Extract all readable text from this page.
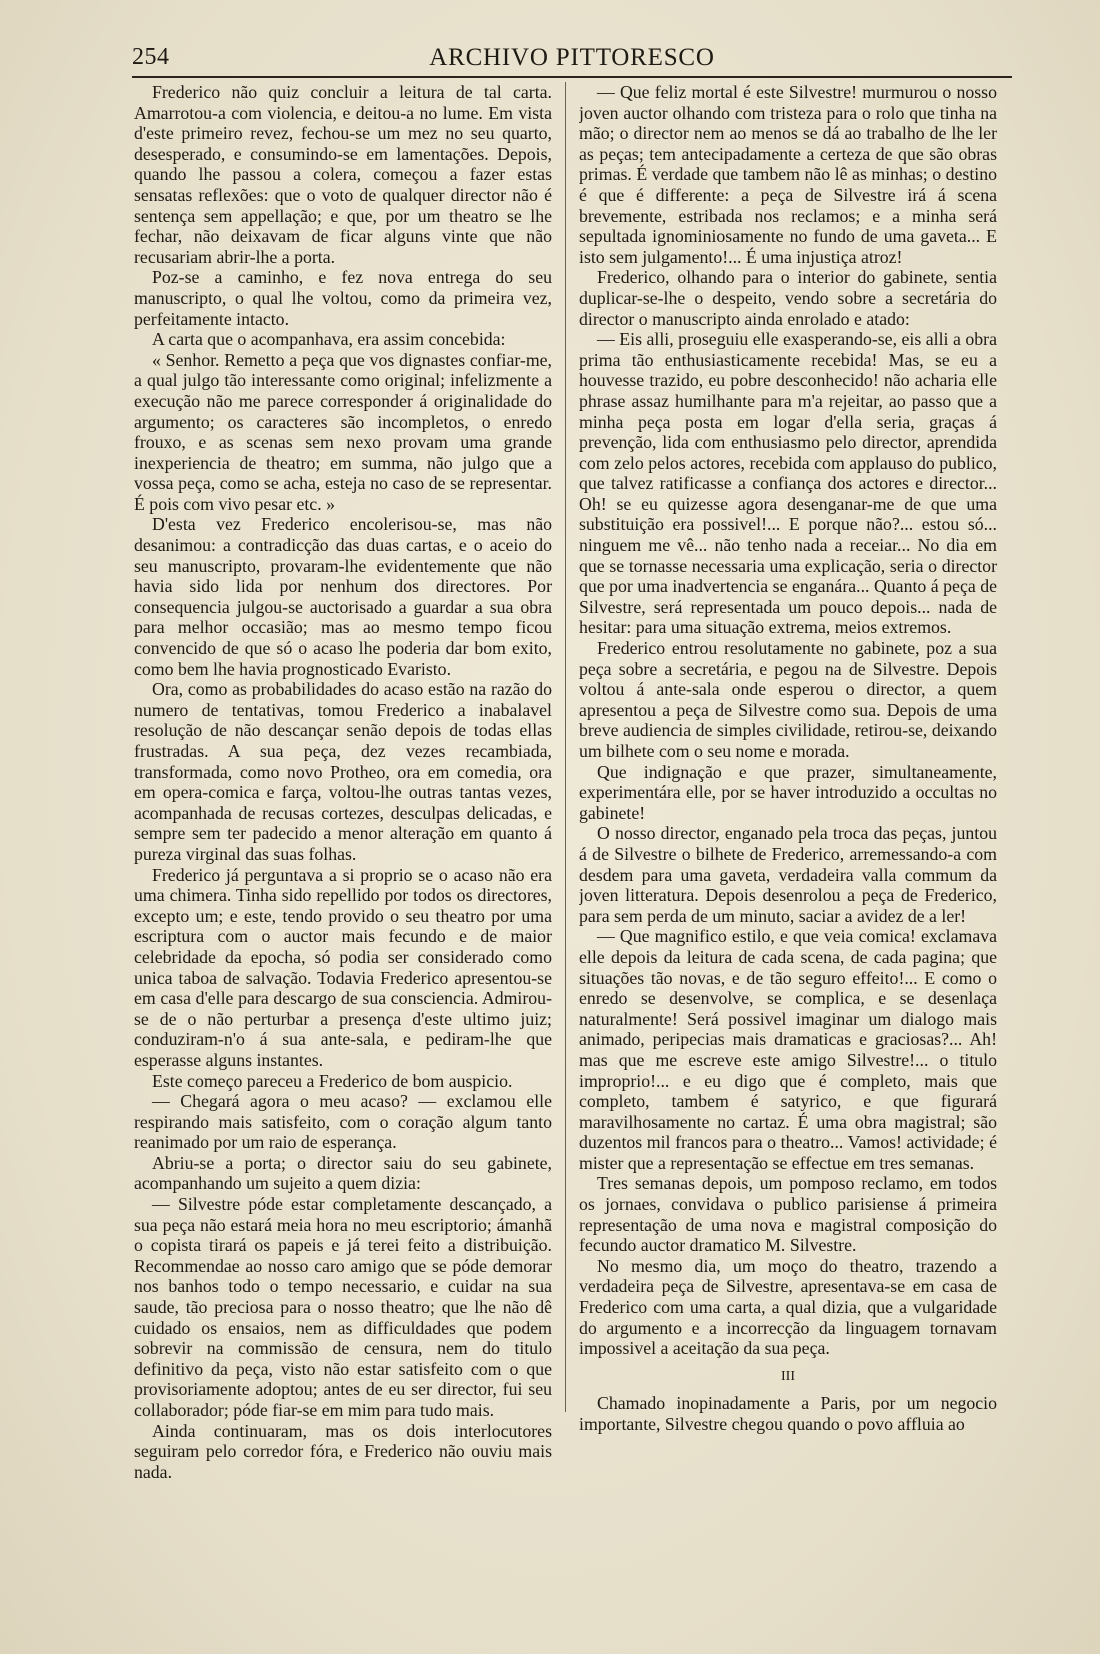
254	ARCHIVO PITTORESCO

Frederico não quiz concluir a leitura de tal carta. Amarrotou-a com violencia, e deitou-a no lume. Em vista d'este primeiro revez, fechou-se um mez no seu quarto, desesperado, e consumindo-se em lamentações. Depois, quando lhe passou a colera, começou a fazer estas sensatas reflexões: que o voto de qualquer director não é sentença sem appellação; e que, por um theatro se lhe fechar, não deixavam de ficar alguns vinte que não recusariam abrir-lhe a porta.

Poz-se a caminho, e fez nova entrega do seu manuscripto, o qual lhe voltou, como da primeira vez, perfeitamente intacto.

A carta que o acompanhava, era assim concebida:

« Senhor. Remetto a peça que vos dignastes confiar-me, a qual julgo tão interessante como original; infelizmente a execução não me parece corresponder á originalidade do argumento; os caracteres são incompletos, o enredo frouxo, e as scenas sem nexo provam uma grande inexperiencia de theatro; em summa, não julgo que a vossa peça, como se acha, esteja no caso de se representar. É pois com vivo pesar etc. »

D'esta vez Frederico encolerisou-se, mas não desanimou: a contradicção das duas cartas, e o aceio do seu manuscripto, provaram-lhe evidentemente que não havia sido lida por nenhum dos directores. Por consequencia julgou-se auctorisado a guardar a sua obra para melhor occasião; mas ao mesmo tempo ficou convencido de que só o acaso lhe poderia dar bom exito, como bem lhe havia prognosticado Evaristo.

Ora, como as probabilidades do acaso estão na razão do numero de tentativas, tomou Frederico a inabalavel resolução de não descançar senão depois de todas ellas frustradas. A sua peça, dez vezes recambiada, transformada, como novo Protheo, ora em comedia, ora em opera-comica e farça, voltou-lhe outras tantas vezes, acompanhada de recusas cortezes, desculpas delicadas, e sempre sem ter padecido a menor alteração em quanto á pureza virginal das suas folhas.

Frederico já perguntava a si proprio se o acaso não era uma chimera. Tinha sido repellido por todos os directores, excepto um; e este, tendo provido o seu theatro por uma escriptura com o auctor mais fecundo e de maior celebridade da epocha, só podia ser considerado como unica taboa de salvação. Todavia Frederico apresentou-se em casa d'elle para descargo de sua consciencia. Admirou-se de o não perturbar a presença d'este ultimo juiz; conduziram-n'o á sua ante-sala, e pediram-lhe que esperasse alguns instantes.

Este começo pareceu a Frederico de bom auspicio.

— Chegará agora o meu acaso? — exclamou elle respirando mais satisfeito, com o coração algum tanto reanimado por um raio de esperança.

Abriu-se a porta; o director saiu do seu gabinete, acompanhando um sujeito a quem dizia:

— Silvestre póde estar completamente descançado, a sua peça não estará meia hora no meu escriptorio; ámanhã o copista tirará os papeis e já terei feito a distribuição. Recommendae ao nosso caro amigo que se póde demorar nos banhos todo o tempo necessario, e cuidar na sua saude, tão preciosa para o nosso theatro; que lhe não dê cuidado os ensaios, nem as difficuldades que podem sobrevir na commissão de censura, nem do titulo definitivo da peça, visto não estar satisfeito com o que provisoriamente adoptou; antes de eu ser director, fui seu collaborador; póde fiar-se em mim para tudo mais.

Ainda continuaram, mas os dois interlocutores seguiram pelo corredor fóra, e Frederico não ouviu mais nada.

— Que feliz mortal é este Silvestre! murmurou o nosso joven auctor olhando com tristeza para o rolo que tinha na mão; o director nem ao menos se dá ao trabalho de lhe ler as peças; tem antecipadamente a certeza de que são obras primas. É verdade que tambem não lê as minhas; o destino é que é differente: a peça de Silvestre irá á scena brevemente, estribada nos reclamos; e a minha será sepultada ignominiosamente no fundo de uma gaveta... E isto sem julgamento!... É uma injustiça atroz!

Frederico, olhando para o interior do gabinete, sentia duplicar-se-lhe o despeito, vendo sobre a secretária do director o manuscripto ainda enrolado e atado:

— Eis alli, proseguiu elle exasperando-se, eis alli a obra prima tão enthusiasticamente recebida! Mas, se eu a houvesse trazido, eu pobre desconhecido! não acharia elle phrase assaz humilhante para m'a rejeitar, ao passo que a minha peça posta em logar d'ella seria, graças á prevenção, lida com enthusiasmo pelo director, aprendida com zelo pelos actores, recebida com applauso do publico, que talvez ratificasse a confiança dos actores e director... Oh! se eu quizesse agora desenganar-me de que uma substituição era possivel!... E porque não?... estou só... ninguem me vê... não tenho nada a receiar... No dia em que se tornasse necessaria uma explicação, seria o director que por uma inadvertencia se enganára... Quanto á peça de Silvestre, será representada um pouco depois... nada de hesitar: para uma situação extrema, meios extremos.

Frederico entrou resolutamente no gabinete, poz a sua peça sobre a secretária, e pegou na de Silvestre. Depois voltou á ante-sala onde esperou o director, a quem apresentou a peça de Silvestre como sua. Depois de uma breve audiencia de simples civilidade, retirou-se, deixando um bilhete com o seu nome e morada.

Que indignação e que prazer, simultaneamente, experimentára elle, por se haver introduzido a occultas no gabinete!

O nosso director, enganado pela troca das peças, juntou á de Silvestre o bilhete de Frederico, arremessando-a com desdem para uma gaveta, verdadeira valla commum da joven litteratura. Depois desenrolou a peça de Frederico, para sem perda de um minuto, saciar a avidez de a ler!

— Que magnifico estilo, e que veia comica! exclamava elle depois da leitura de cada scena, de cada pagina; que situações tão novas, e de tão seguro effeito!... E como o enredo se desenvolve, se complica, e se desenlaça naturalmente! Será possivel imaginar um dialogo mais animado, peripecias mais dramaticas e graciosas?... Ah! mas que me escreve este amigo Silvestre!... o titulo improprio!... e eu digo que é completo, mais que completo, tambem é satyrico, e que figurará maravilhosamente no cartaz. É uma obra magistral; são duzentos mil francos para o theatro... Vamos! actividade; é mister que a representação se effectue em tres semanas.

Tres semanas depois, um pomposo reclamo, em todos os jornaes, convidava o publico parisiense á primeira representação de uma nova e magistral composição do fecundo auctor dramatico M. Silvestre.

No mesmo dia, um moço do theatro, trazendo a verdadeira peça de Silvestre, apresentava-se em casa de Frederico com uma carta, a qual dizia, que a vulgaridade do argumento e a incorrecção da linguagem tornavam impossivel a aceitação da sua peça.

III

Chamado inopinadamente a Paris, por um negocio importante, Silvestre chegou quando o povo affluia ao
